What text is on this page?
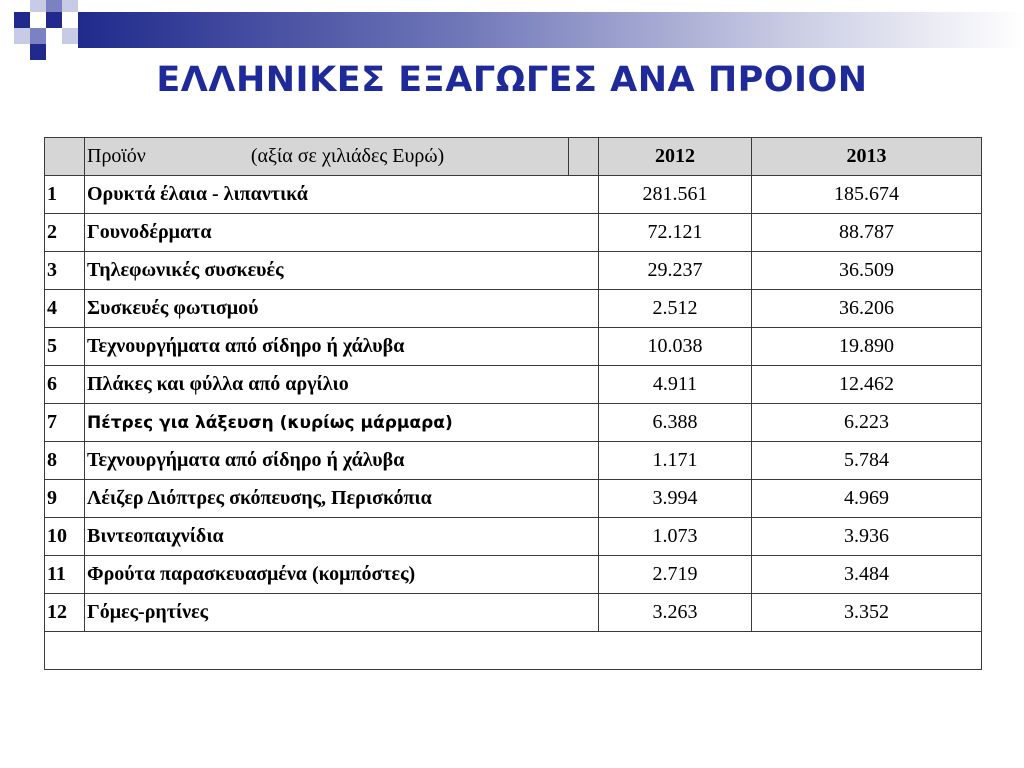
ΕΛΛΗΝΙΚΕΣ ΕΞΑΓΩΓΕΣ ΑΝΑ ΠΡΟΙΟΝ
	Προϊόν (αξία σε χιλιάδες Ευρώ)		2012	2013
1	Ορυκτά έλαια - λιπαντικά		281.561	185.674
2	Γουνοδέρματα		72.121	88.787
3	Τηλεφωνικές συσκευές		29.237	36.509
4	Συσκευές φωτισμού		2.512	36.206
5	Τεχνουργήματα από σίδηρο ή χάλυβα		10.038	19.890
6	Πλάκες και φύλλα από αργίλιο		4.911	12.462
7	Πέτρες για λάξευση (κυρίως μάρμαρα)		6.388	6.223
8	Τεχνουργήματα από σίδηρο ή χάλυβα		1.171	5.784
9	Λέιζερ Διόπτρες σκόπευσης, Περισκόπια		3.994	4.969
10	Βιντεοπαιχνίδια		1.073	3.936
11	Φρούτα παρασκευασμένα (κομπόστες)		2.719	3.484
12	Γόμες-ρητίνες		3.263	3.352
